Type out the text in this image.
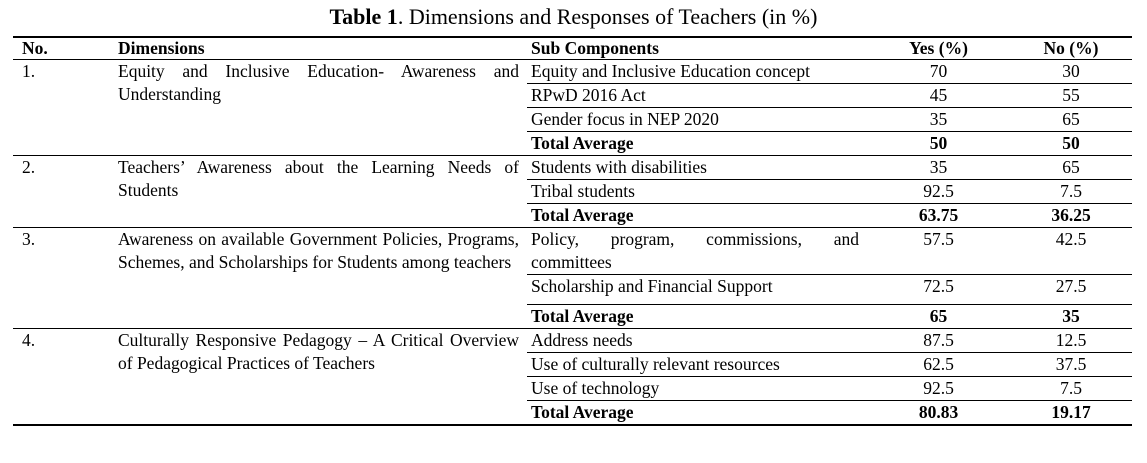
Table 1. Dimensions and Responses of Teachers (in %)
No.	Dimensions	Sub Components	Yes (%)	No (%)
1.	Equity and Inclusive Education- Awareness and Understanding	Equity and Inclusive Education concept	70	30
		RPwD 2016 Act	45	55
		Gender focus in NEP 2020	35	65
		Total Average	50	50
2.	Teachers’ Awareness about the Learning Needs of Students	Students with disabilities	35	65
		Tribal students	92.5	7.5
		Total Average	63.75	36.25
3.	Awareness on available Government Policies, Programs, Schemes, and Scholarships for Students among teachers	Policy, program, commissions, and committees	57.5	42.5
		Scholarship and Financial Support	72.5	27.5
		Total Average	65	35
4.	Culturally Responsive Pedagogy – A Critical Overview of Pedagogical Practices of Teachers	Address needs	87.5	12.5
		Use of culturally relevant resources	62.5	37.5
		Use of technology	92.5	7.5
		Total Average	80.83	19.17
